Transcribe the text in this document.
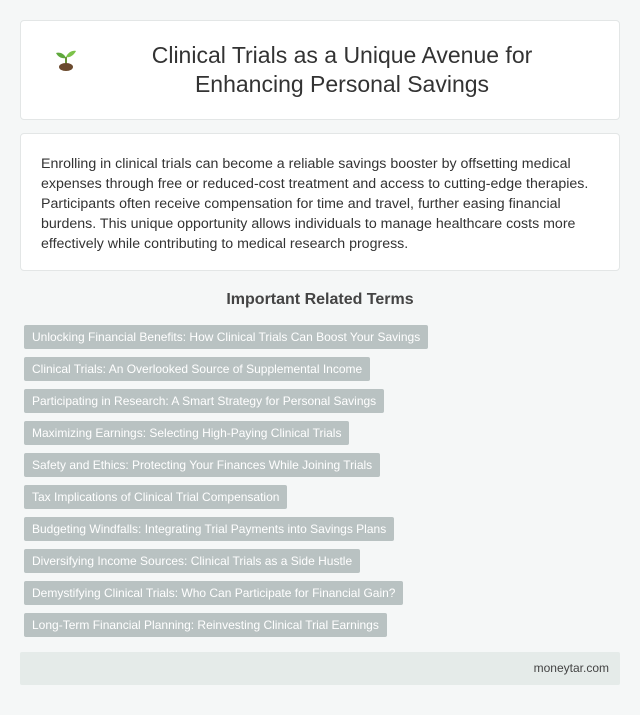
Clinical Trials as a Unique Avenue for Enhancing Personal Savings

Enrolling in clinical trials can become a reliable savings booster by offsetting medical expenses through free or reduced-cost treatment and access to cutting-edge therapies. Participants often receive compensation for time and travel, further easing financial burdens. This unique opportunity allows individuals to manage healthcare costs more effectively while contributing to medical research progress.

Important Related Terms
Unlocking Financial Benefits: How Clinical Trials Can Boost Your Savings
Clinical Trials: An Overlooked Source of Supplemental Income
Participating in Research: A Smart Strategy for Personal Savings
Maximizing Earnings: Selecting High-Paying Clinical Trials
Safety and Ethics: Protecting Your Finances While Joining Trials
Tax Implications of Clinical Trial Compensation
Budgeting Windfalls: Integrating Trial Payments into Savings Plans
Diversifying Income Sources: Clinical Trials as a Side Hustle
Demystifying Clinical Trials: Who Can Participate for Financial Gain?
Long-Term Financial Planning: Reinvesting Clinical Trial Earnings
moneytar.com
